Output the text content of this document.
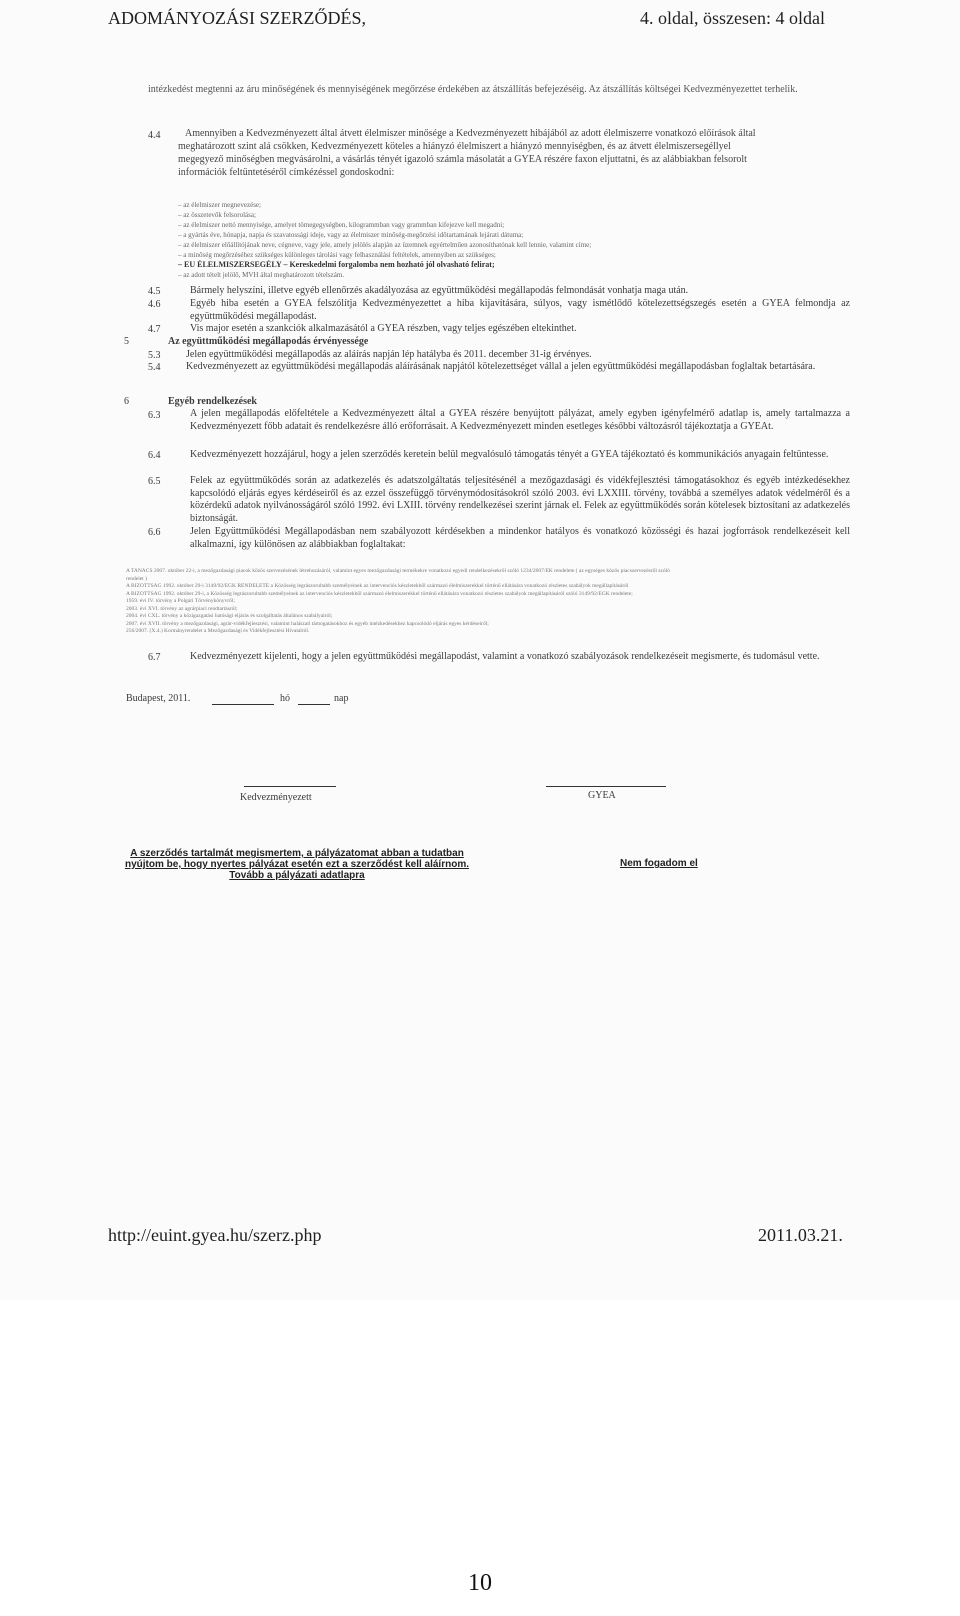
ADOMÁNYOZÁSI SZERZŐDÉS,	4. oldal, összesen: 4 oldal
intézkedést megtenni az áru minőségének és mennyiségének megőrzése érdekében az átszállítás befejezéséig. Az átszállítás költségei Kedvezményezettet terhelik.
4.4 Amennyiben a Kedvezményezett által átvett élelmiszer minősége a Kedvezményezett hibájából az adott élelmiszerre vonatkozó előírások által
meghatározott szint alá csökken, Kedvezményezett köteles a hiányzó élelmiszert a hiányzó mennyiségben, és az átvett élelmiszersegéllyel
megegyező minőségben megvásárolni, a vásárlás tényét igazoló számla másolatát a GYEA részére faxon eljuttatni, és az alábbiakban felsorolt
információk feltüntetéséről címkézéssel gondoskodni:
– az élelmiszer megnevezése;
– az összetevők felsorolása;
– az élelmiszer nettó mennyisége, amelyet tömegegységben, kilogrammban vagy grammban kifejezve kell megadni;
– a gyártás éve, hónapja, napja és szavatossági ideje, vagy az élelmiszer minőség-megőrzési időtartamának lejárati dátuma;
– az élelmiszer előállítójának neve, cégneve, vagy jele, amely jelölés alapján az üzemnek egyértelműen azonosíthatónak kell lennie, valamint címe;
– a minőség megőrzéséhez szükséges különleges tárolási vagy felhasználási feltételek, amennyiben az szükséges;
– EU ÉLELMISZERSEGÉLY – Kereskedelmi forgalomba nem hozható jól olvasható felirat;
– az adott tételt jelölő, MVH által meghatározott tételszám.
4.5	Bármely helyszíni, illetve egyéb ellenőrzés akadályozása az együttműködési megállapodás felmondását vonhatja maga után.
4.6	Egyéb hiba esetén a GYEA felszólítja Kedvezményezettet a hiba kijavítására, súlyos, vagy ismétlődő kötelezettségszegés esetén a GYEA felmondja az együttműködési megállapodást.
4.7	Vis major esetén a szankciók alkalmazásától a GYEA részben, vagy teljes egészében eltekinthet.
5	Az együttműködési megállapodás érvényessége
5.3	Jelen együttműködési megállapodás az aláírás napján lép hatályba és 2011. december 31-ig érvényes.
5.4	Kedvezményezett az együttműködési megállapodás aláírásának napjától kötelezettséget vállal a jelen együttműködési megállapodásban foglaltak betartására.
6	Egyéb rendelkezések
6.3	A jelen megállapodás előfeltétele a Kedvezményezett által a GYEA részére benyújtott pályázat, amely egyben igényfelmérő adatlap is, amely tartalmazza a Kedvezményezett főbb adatait és rendelkezésre álló erőforrásait. A Kedvezményezett minden esetleges későbbi változásról tájékoztatja a GYEAt.
6.4	Kedvezményezett hozzájárul, hogy a jelen szerződés keretein belül megvalósuló támogatás tényét a GYEA tájékoztató és kommunikációs anyagain feltüntesse.
6.5	Felek az együttműködés során az adatkezelés és adatszolgáltatás teljesítésénél a mezőgazdasági és vidékfejlesztési támogatásokhoz és egyéb intézkedésekhez kapcsolódó eljárás egyes kérdéseiről és az ezzel összefüggő törvénymódosításokról szóló 2003. évi LXXIII. törvény, továbbá a személyes adatok védelméről és a közérdekű adatok nyilvánosságáról szóló 1992. évi LXIII. törvény rendelkezései szerint járnak el. Felek az együttműködés során kötelesek biztosítani az adatkezelés biztonságát.
6.6	Jelen Együttműködési Megállapodásban nem szabályozott kérdésekben a mindenkor hatályos és vonatkozó közösségi és hazai jogforrások rendelkezéseit kell alkalmazni, így különösen az alábbiakban foglaltakat:
A TANÁCS 2007. október 22-i, a mezőgazdasági piacok közös szervezésének létrehozásáról, valamint egyes mezőgazdasági termékekre vonatkozó egyedi rendelkezésekről szóló 1234/2007/EK rendelete ( az egységes közös piacszervezésről szóló
rendelet )
A BIZOTTSÁG 1992. október 29-i 3149/92/EGK RENDELETE a Közösség legrászorultabb személyeinek az intervenciós készletekből származó élelmiszerekkel történő ellátására vonatkozó részletes szabályok megállapításáról
A BIZOTTSÁG 1992. október 29-i, a Közösség legrászorultabb személyeinek az intervenciós készletekből származó élelmiszerekkel történő ellátására vonatkozó részletes szabályok megállapításáról szóló 3149/92/EGK rendelete;
1959. évi IV. törvény a Polgári Törvénykönyvről;
2003. évi XVI. törvény az agrárpiaci rendtartásról;
2004. évi CXL. törvény a közigazgatási hatósági eljárás és szolgáltatás általános szabályairól;
2007. évi XVII. törvény a mezőgazdasági, agrár-vidékfejlesztési, valamint halászati támogatásokhoz és egyéb intézkedésekhez kapcsolódó eljárás egyes kérdéseiről;
256/2007. (X.4.) Kormányrendelet a Mezőgazdasági és Vidékfejlesztési Hivatalról.
6.7	Kedvezményezett kijelenti, hogy a jelen együttműködési megállapodást, valamint a vonatkozó szabályozások rendelkezéseit megismerte, és tudomásul vette.
Budapest, 2011.	hó	nap
Kedvezményezett	GYEA
A szerződés tartalmát megismertem, a pályázatomat abban a tudatban nyújtom be, hogy nyertes pályázat esetén ezt a szerződést kell aláírnom. Tovább a pályázati adatlapra
Nem fogadom el
http://euint.gyea.hu/szerz.php	2011.03.21.
10
